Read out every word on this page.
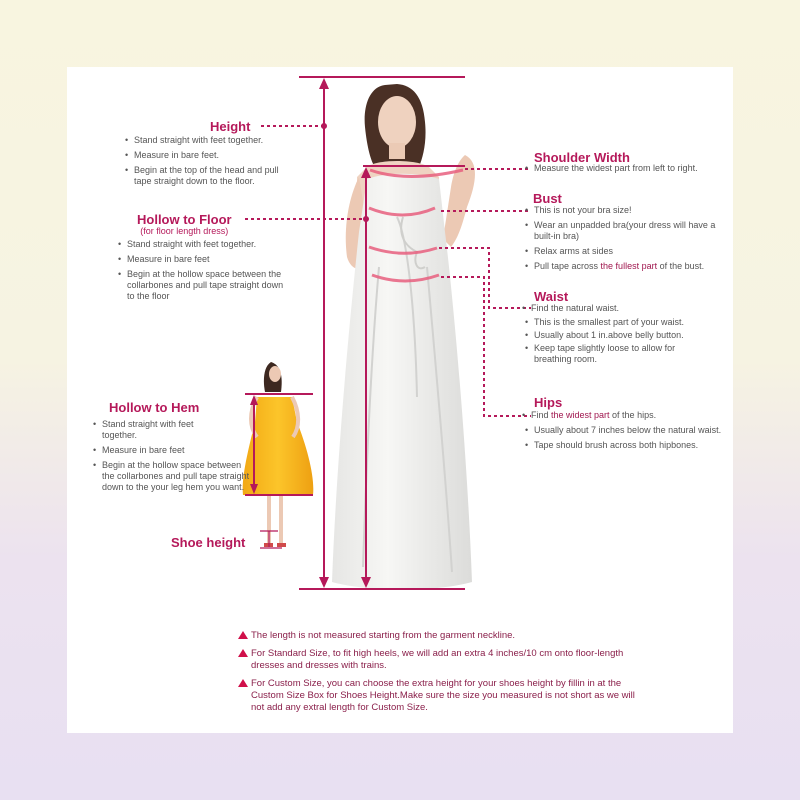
Height
• Stand straight with feet together.
• Measure in bare feet.
• Begin at the top of the head and pull tape straight down to the floor.
Hollow to Floor
(for floor length dress)
• Stand straight with feet together.
• Measure in bare feet
• Begin at the hollow space between the collarbones and pull tape straight down to the floor
Hollow to Hem
• Stand straight with feet together.
• Measure in bare feet
• Begin at the hollow space between the collarbones and pull tape straight down to the your leg hem you want.
Shoe height
Shoulder Width
• Measure the widest part from left to right.
Bust
• This is not your bra size!
• Wear an unpadded bra(your dress will have a built-in bra)
• Relax arms at sides
• Pull tape across the fullest part of the bust.
Waist
• Find the natural waist.
• This is the smallest part of your waist.
• Usually about 1 in.above belly button.
• Keep tape slightly loose to allow for breathing room.
Hips
• Find the widest part of the hips.
• Usually about 7 inches below the natural waist.
• Tape should brush across both hipbones.
The length is not measured starting from the garment neckline.
For Standard Size, to fit high heels, we will add an extra 4 inches/10 cm onto floor-length dresses and dresses with trains.
For Custom Size, you can choose the extra height for your shoes height by fillin in at the Custom Size Box for Shoes Height.Make sure the size you measured is not short as we will not add any extral length for Custom Size.
